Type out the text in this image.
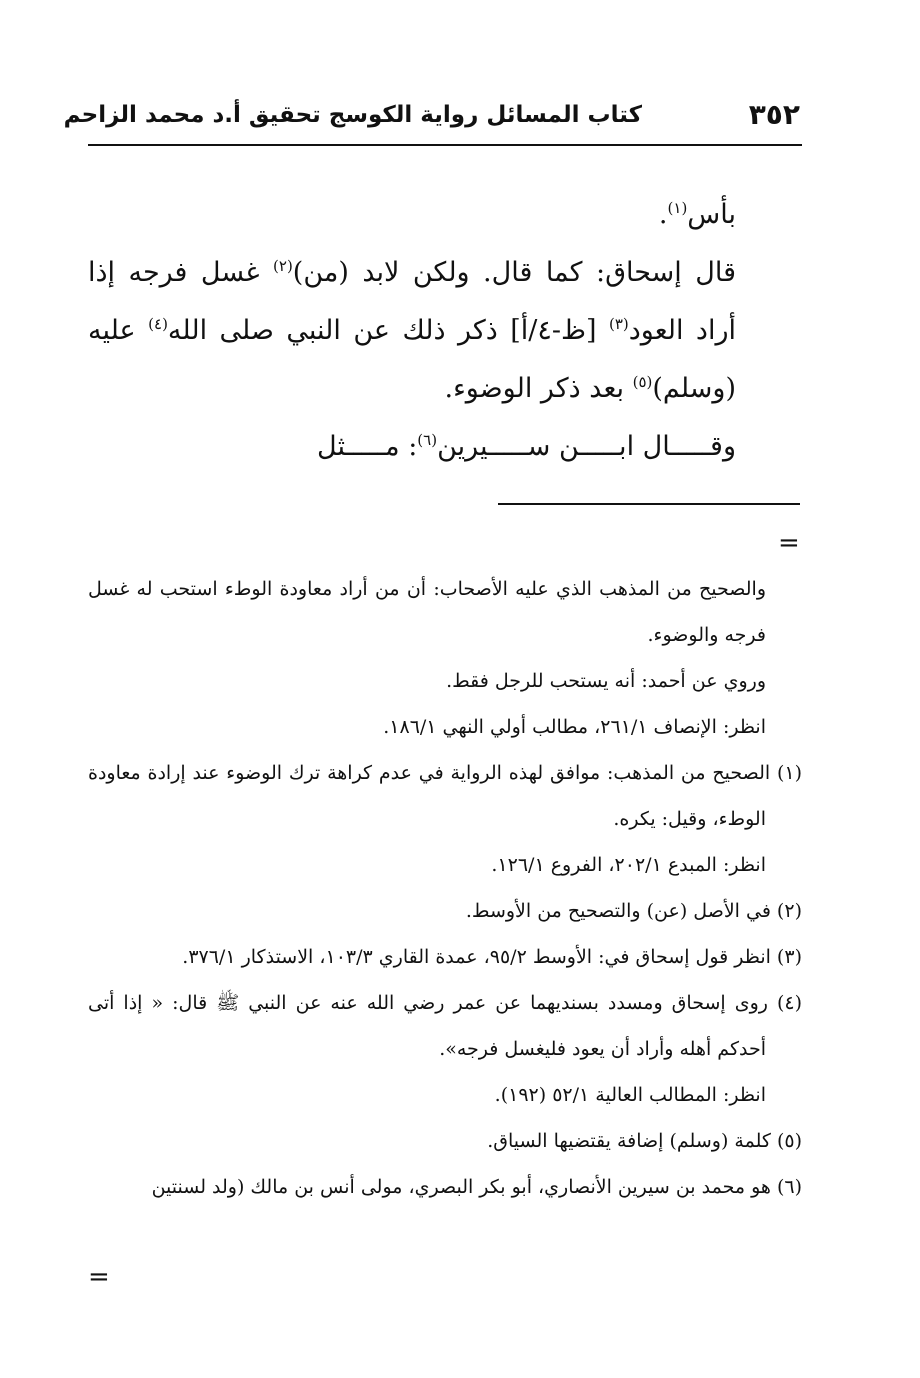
٣٥٢
كتاب المسائل رواية الكوسج تحقيق أ.د محمد الزاحم

بأس$^{(١)}$.

قال إسحاق: كما قال. ولكن لابد (من)$^{(٢)}$ غسل فرجه إذا أراد العود$^{(٣)}$ [ظ-٤/أ] ذكر ذلك عن النبي صلى الله$^{(٤)}$ عليه (وسلم)$^{(٥)}$ بعد ذكر الوضوء.

وقـــــال ابـــــن ســـــيرين$^{(٦)}$: مـــــثل

=

والصحيح من المذهب الذي عليه الأصحاب: أن من أراد معاودة الوطء استحب له غسل فرجه والوضوء.

وروي عن أحمد: أنه يستحب للرجل فقط.

انظر: الإنصاف ٢٦١/١، مطالب أولي النهي ١٨٦/١.

(١) الصحيح من المذهب: موافق لهذه الرواية في عدم كراهة ترك الوضوء عند إرادة معاودة الوطء، وقيل: يكره.

انظر: المبدع ٢٠٢/١، الفروع ١٢٦/١.

(٢) في الأصل (عن) والتصحيح من الأوسط.

(٣) انظر قول إسحاق في: الأوسط ٩٥/٢، عمدة القاري ١٠٣/٣، الاستذكار ٣٧٦/١.

(٤) روى إسحاق ومسدد بسنديهما عن عمر رضي الله عنه عن النبي ﷺ قال: « إذا أتى أحدكم أهله وأراد أن يعود فليغسل فرجه».

انظر: المطالب العالية ٥٢/١ (١٩٢).

(٥) كلمة (وسلم) إضافة يقتضيها السياق.

(٦) هو محمد بن سيرين الأنصاري، أبو بكر البصري، مولى أنس بن مالك (ولد لسنتين

=
